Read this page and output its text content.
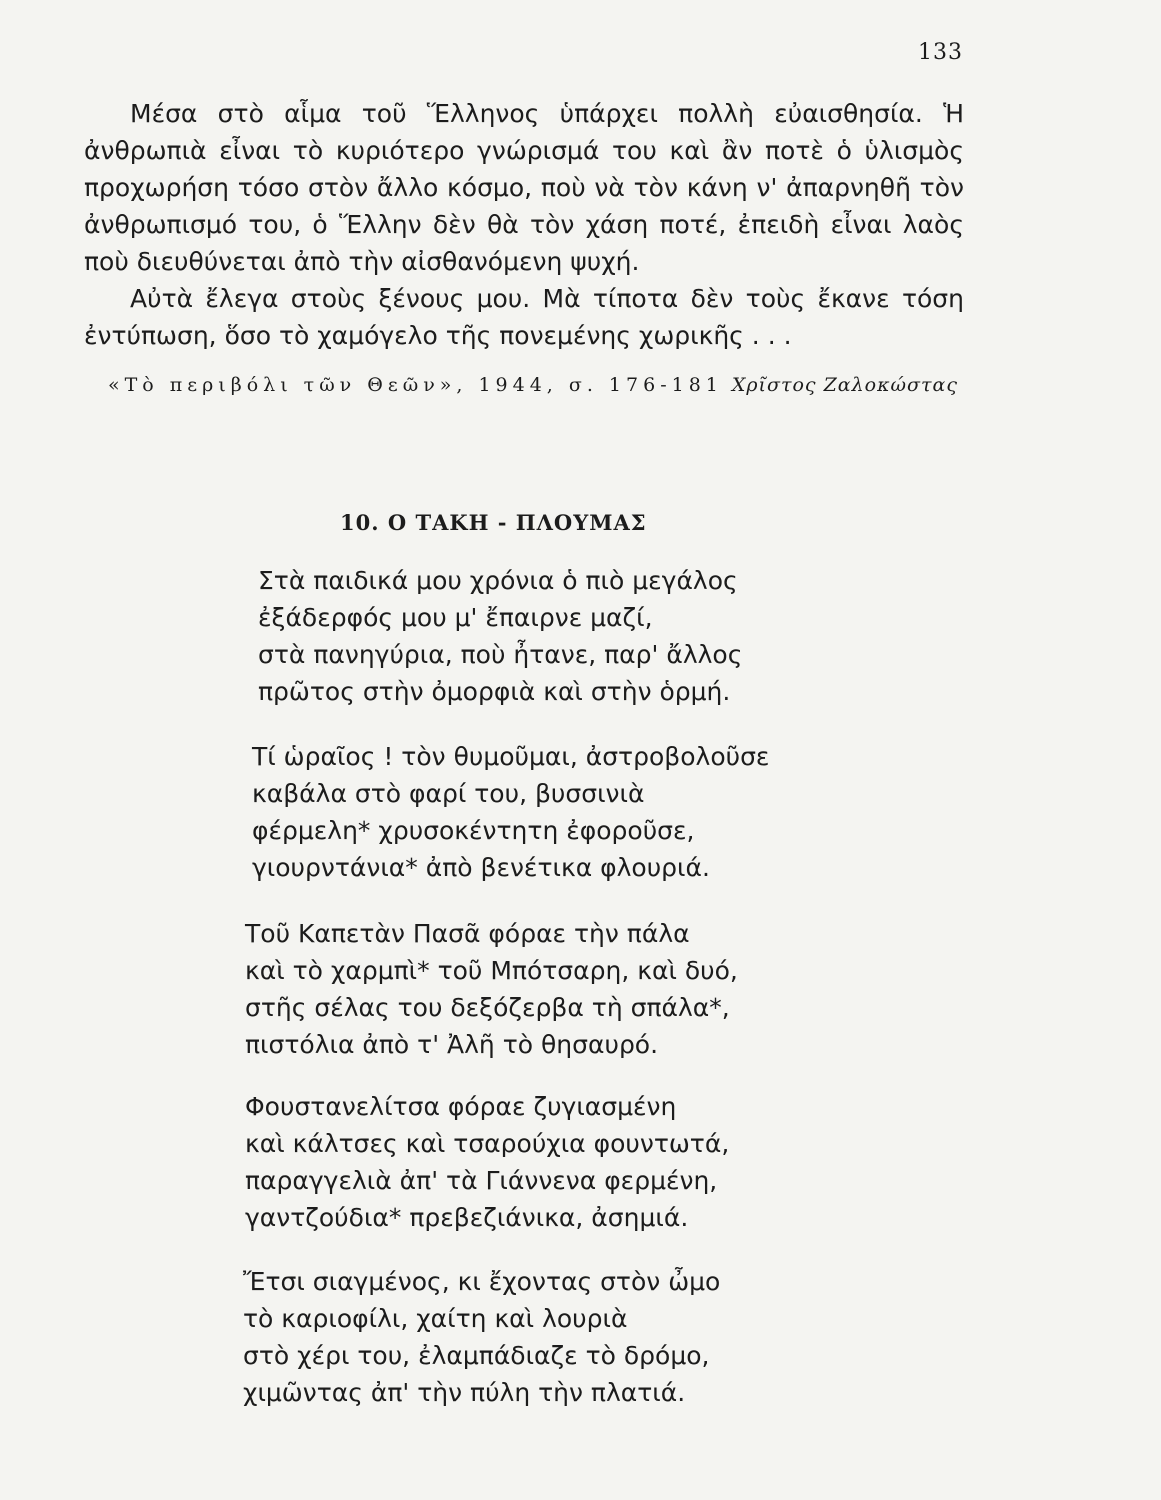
133

Μέσα στὸ αἷμα τοῦ Ἕλληνος ὑπάρχει πολλὴ εὐαισθησία. Ἡ ἀνθρωπιὰ εἶναι τὸ κυριότερο γνώρισμά του καὶ ἂν ποτὲ ὁ ὑλισμὸς προχωρήση τόσο στὸν ἄλλο κόσμο, ποὺ νὰ τὸν κάνη ν' ἀπαρνηθῆ τὸν ἀνθρωπισμό του, ὁ Ἕλλην δὲν θὰ τὸν χάση ποτέ, ἐπειδὴ εἶναι λαὸς ποὺ διευθύνεται ἀπὸ τὴν αἰσθανόμενη ψυχή.

Αὐτὰ ἔλεγα στοὺς ξένους μου. Μὰ τίποτα δὲν τοὺς ἔκανε τόση ἐντύπωση, ὅσο τὸ χαμόγελο τῆς πονεμένης χωρικῆς . . .

«Τὸ περιβόλι τῶν Θεῶν», 1944, σ. 176-181 Χρῖστος Ζαλοκώστας
10. Ο ΤΑΚΗ - ΠΛΟΥΜΑΣ
Στὰ παιδικά μου χρόνια ὁ πιὸ μεγάλος
ἐξάδερφός μου μ' ἔπαιρνε μαζί,
στὰ πανηγύρια, ποὺ ἦτανε, παρ' ἄλλος
πρῶτος στὴν ὀμορφιὰ καὶ στὴν ὁρμή.
Τί ὡραῖος ! τὸν θυμοῦμαι, ἀστροβολοῦσε
καβάλα στὸ φαρί του, βυσσινιὰ
φέρμελη* χρυσοκέντητη ἐφοροῦσε,
γιουρντάνια* ἀπὸ βενέτικα φλουριά.
Τοῦ Καπετὰν Πασᾶ φόραε τὴν πάλα
καὶ τὸ χαρμπὶ* τοῦ Μπότσαρη, καὶ δυό,
στῆς σέλας του δεξόζερβα τὴ σπάλα*,
πιστόλια ἀπὸ τ' Ἀλῆ τὸ θησαυρό.
Φουστανελίτσα φόραε ζυγιασμένη
καὶ κάλτσες καὶ τσαρούχια φουντωτά,
παραγγελιὰ ἀπ' τὰ Γιάννενα φερμένη,
γαντζούδια* πρεβεζιάνικα, ἀσημιά.
Ἔτσι σιαγμένος, κι ἔχοντας στὸν ὦμο
τὸ καριοφίλι, χαίτη καὶ λουριὰ
στὸ χέρι του, ἐλαμπάδιαζε τὸ δρόμο,
χιμῶντας ἀπ' τὴν πύλη τὴν πλατιά.
